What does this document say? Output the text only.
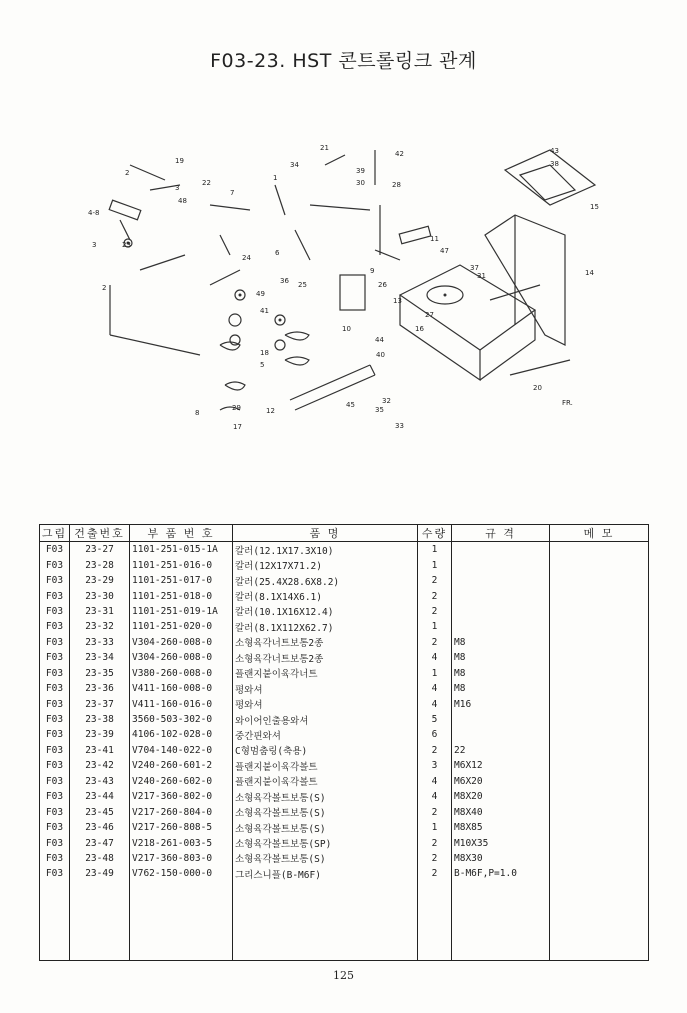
F03-23. HST 콘트롤링크 관계
19
2
3
48
43
38
15
21
42
39
30	28
34
22
7
4-8
23
3
1
2
36
37
31	14
47
26
27
13
11
9
10	16
8
41
6
17
12
20
5
18
25
29
44
45
35
32
33
40
24
49
FR.
그림	건출번호	부 품 번 호	품 명	수량	규 격	메 모
F03	23-27	1101-251-015-1A	칼러(12.1X17.3X10)	1		
F03	23-28	1101-251-016-0	칼러(12X17X71.2)	1		
F03	23-29	1101-251-017-0	칼러(25.4X28.6X8.2)	2		
F03	23-30	1101-251-018-0	칼러(8.1X14X6.1)	2		
F03	23-31	1101-251-019-1A	칼러(10.1X16X12.4)	2		
F03	23-32	1101-251-020-0	칼러(8.1X112X62.7)	1		
F03	23-33	V304-260-008-0	소형육각너트보통2종	2	M8	
F03	23-34	V304-260-008-0	소형육각너트보통2종	4	M8	
F03	23-35	V380-260-008-0	플랜지붙이육각너트	1	M8	
F03	23-36	V411-160-008-0	평와셔	4	M8	
F03	23-37	V411-160-016-0	평와셔	4	M16	
F03	23-38	3560-503-302-0	와이어인출용와셔	5		
F03	23-39	4106-102-028-0	중간핀와셔	6		
F03	23-41	V704-140-022-0	C형멈춤링(축용)	2	22	
F03	23-42	V240-260-601-2	플랜지붙이육각볼트	3	M6X12	
F03	23-43	V240-260-602-0	플랜지붙이육각볼트	4	M6X20	
F03	23-44	V217-360-802-0	소형육각볼트보통(S)	4	M8X20	
F03	23-45	V217-260-804-0	소형육각볼트보통(S)	2	M8X40	
F03	23-46	V217-260-808-5	소형육각볼트보통(S)	1	M8X85	
F03	23-47	V218-261-003-5	소형육각볼트보통(SP)	2	M10X35	
F03	23-48	V217-360-803-0	소형육각볼트보통(S)	2	M8X30	
F03	23-49	V762-150-000-0	그리스니플(B-M6F)	2	B-M6F,P=1.0	

125
